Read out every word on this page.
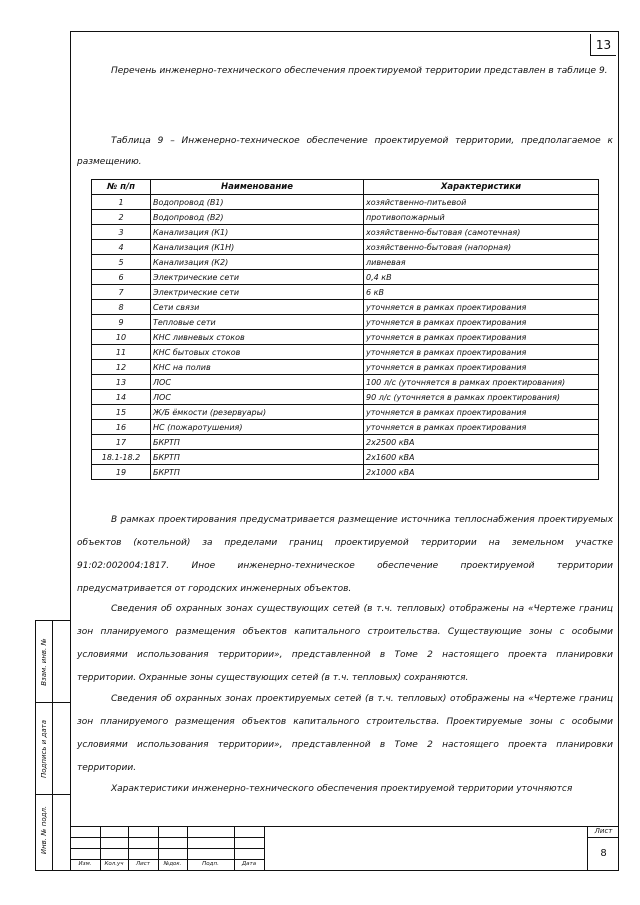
13

Перечень инженерно-технического обеспечения проектируемой территории представлен в таблице 9.

Таблица 9 – Инженерно-техническое обеспечение проектируемой территории, предполагаемое к размещению.

№ п/п	Наименование	Характеристики
1	Водопровод (В1)	хозяйственно-питьевой
2	Водопровод (В2)	противопожарный
3	Канализация (К1)	хозяйственно-бытовая (самотечная)
4	Канализация (К1Н)	хозяйственно-бытовая (напорная)
5	Канализация (К2)	ливневая
6	Электрические сети	0,4 кВ
7	Электрические сети	6 кВ
8	Сети связи	уточняется в рамках проектирования
9	Тепловые сети	уточняется в рамках проектирования
10	КНС ливневых стоков	уточняется в рамках проектирования
11	КНС бытовых стоков	уточняется в рамках проектирования
12	КНС на полив	уточняется в рамках проектирования
13	ЛОС	100 л/с (уточняется в рамках проектирования)
14	ЛОС	90 л/с (уточняется в рамках проектирования)
15	Ж/Б ёмкости (резервуары)	уточняется в рамках проектирования
16	НС (пожаротушения)	уточняется в рамках проектирования
17	БКРТП	2х2500 кВА
18.1-18.2	БКРТП	2х1600 кВА
19	БКРТП	2х1000 кВА

В рамках проектирования предусматривается размещение источника теплоснабжения проектируемых объектов (котельной) за пределами границ проектируемой территории на земельном участке 91:02:002004:1817. Иное инженерно-техническое обеспечение проектируемой территории предусматривается от городских инженерных объектов.

Сведения об охранных зонах существующих сетей (в т.ч. тепловых) отображены на «Чертеже границ зон планируемого размещения объектов капитального строительства. Существующие зоны с особыми условиями использования территории», представленной в Томе 2 настоящего проекта планировки территории. Охранные зоны существующих сетей (в т.ч. тепловых) сохраняются.

Сведения об охранных зонах проектируемых сетей (в т.ч. тепловых) отображены на «Чертеже границ зон планируемого размещения объектов капитального строительства. Проектируемые зоны с особыми условиями использования территории», представленной в Томе 2 настоящего проекта планировки территории.

Характеристики инженерно-технического обеспечения проектируемой территории уточняются

Инв. № подл.
Подпись и дата
Взам. инв. №
Изм.	Кол.уч	Лист	№док.	Подп.	Дата
Лист
8
